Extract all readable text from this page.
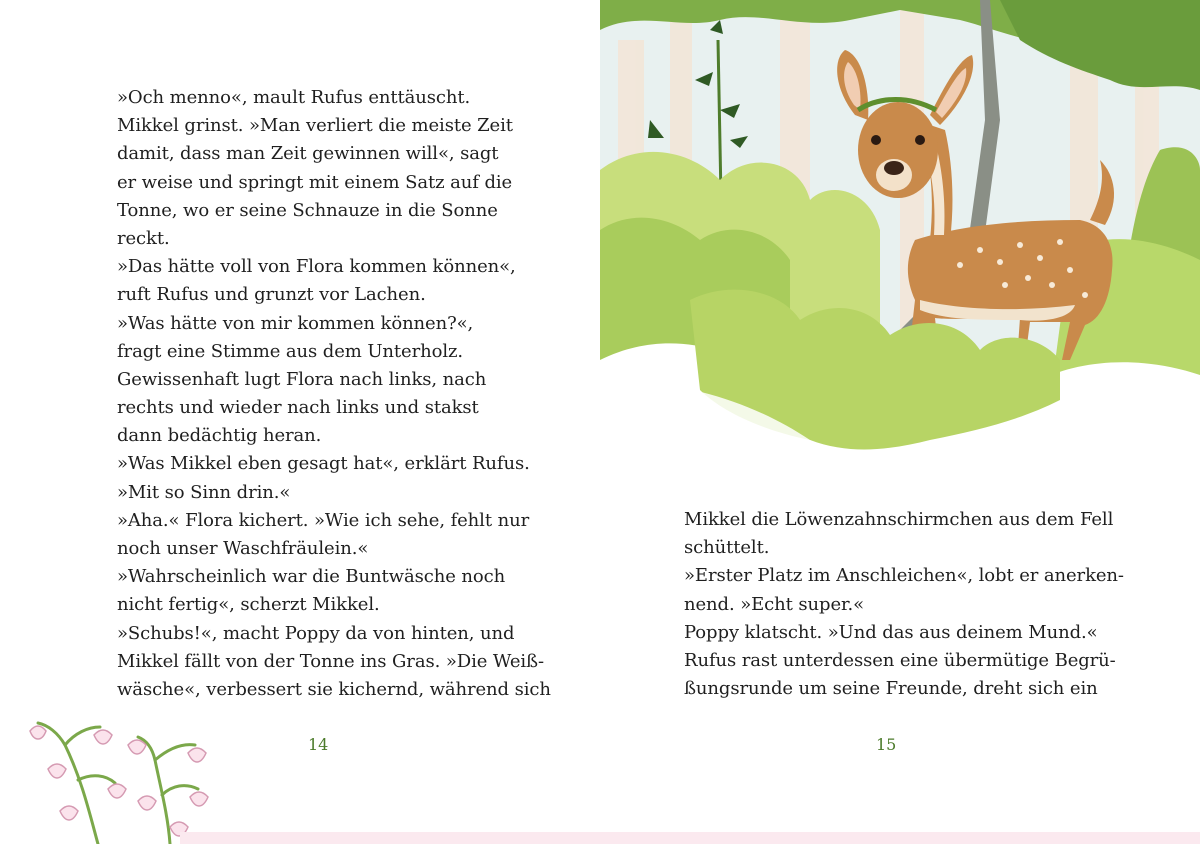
»Och menno«, mault Rufus enttäuscht.
Mikkel grinst. »Man verliert die meiste Zeit
damit, dass man Zeit gewinnen will«, sagt
er weise und springt mit einem Satz auf die
Tonne, wo er seine Schnauze in die Sonne
reckt.
»Das hätte voll von Flora kommen können«,
ruft Rufus und grunzt vor Lachen.
»Was hätte von mir kommen können?«,
fragt eine Stimme aus dem Unterholz.
Gewissenhaft lugt Flora nach links, nach
rechts und wieder nach links und stakst
dann bedächtig heran.
»Was Mikkel eben gesagt hat«, erklärt Rufus.
»Mit so Sinn drin.«
»Aha.« Flora kichert. »Wie ich sehe, fehlt nur
noch unser Waschfräulein.«
»Wahrscheinlich war die Buntwäsche noch
nicht fertig«, scherzt Mikkel.
»Schubs!«, macht Poppy da von hinten, und
Mikkel fällt von der Tonne ins Gras. »Die Weiß-
wäsche«, verbessert sie kichernd, während sich
14
Mikkel die Löwenzahnschirmchen aus dem Fell
schüttelt.
»Erster Platz im Anschleichen«, lobt er anerken-
nend. »Echt super.«
Poppy klatscht. »Und das aus deinem Mund.«
Rufus rast unterdessen eine übermütige Begrü-
ßungsrunde um seine Freunde, dreht sich ein
15
